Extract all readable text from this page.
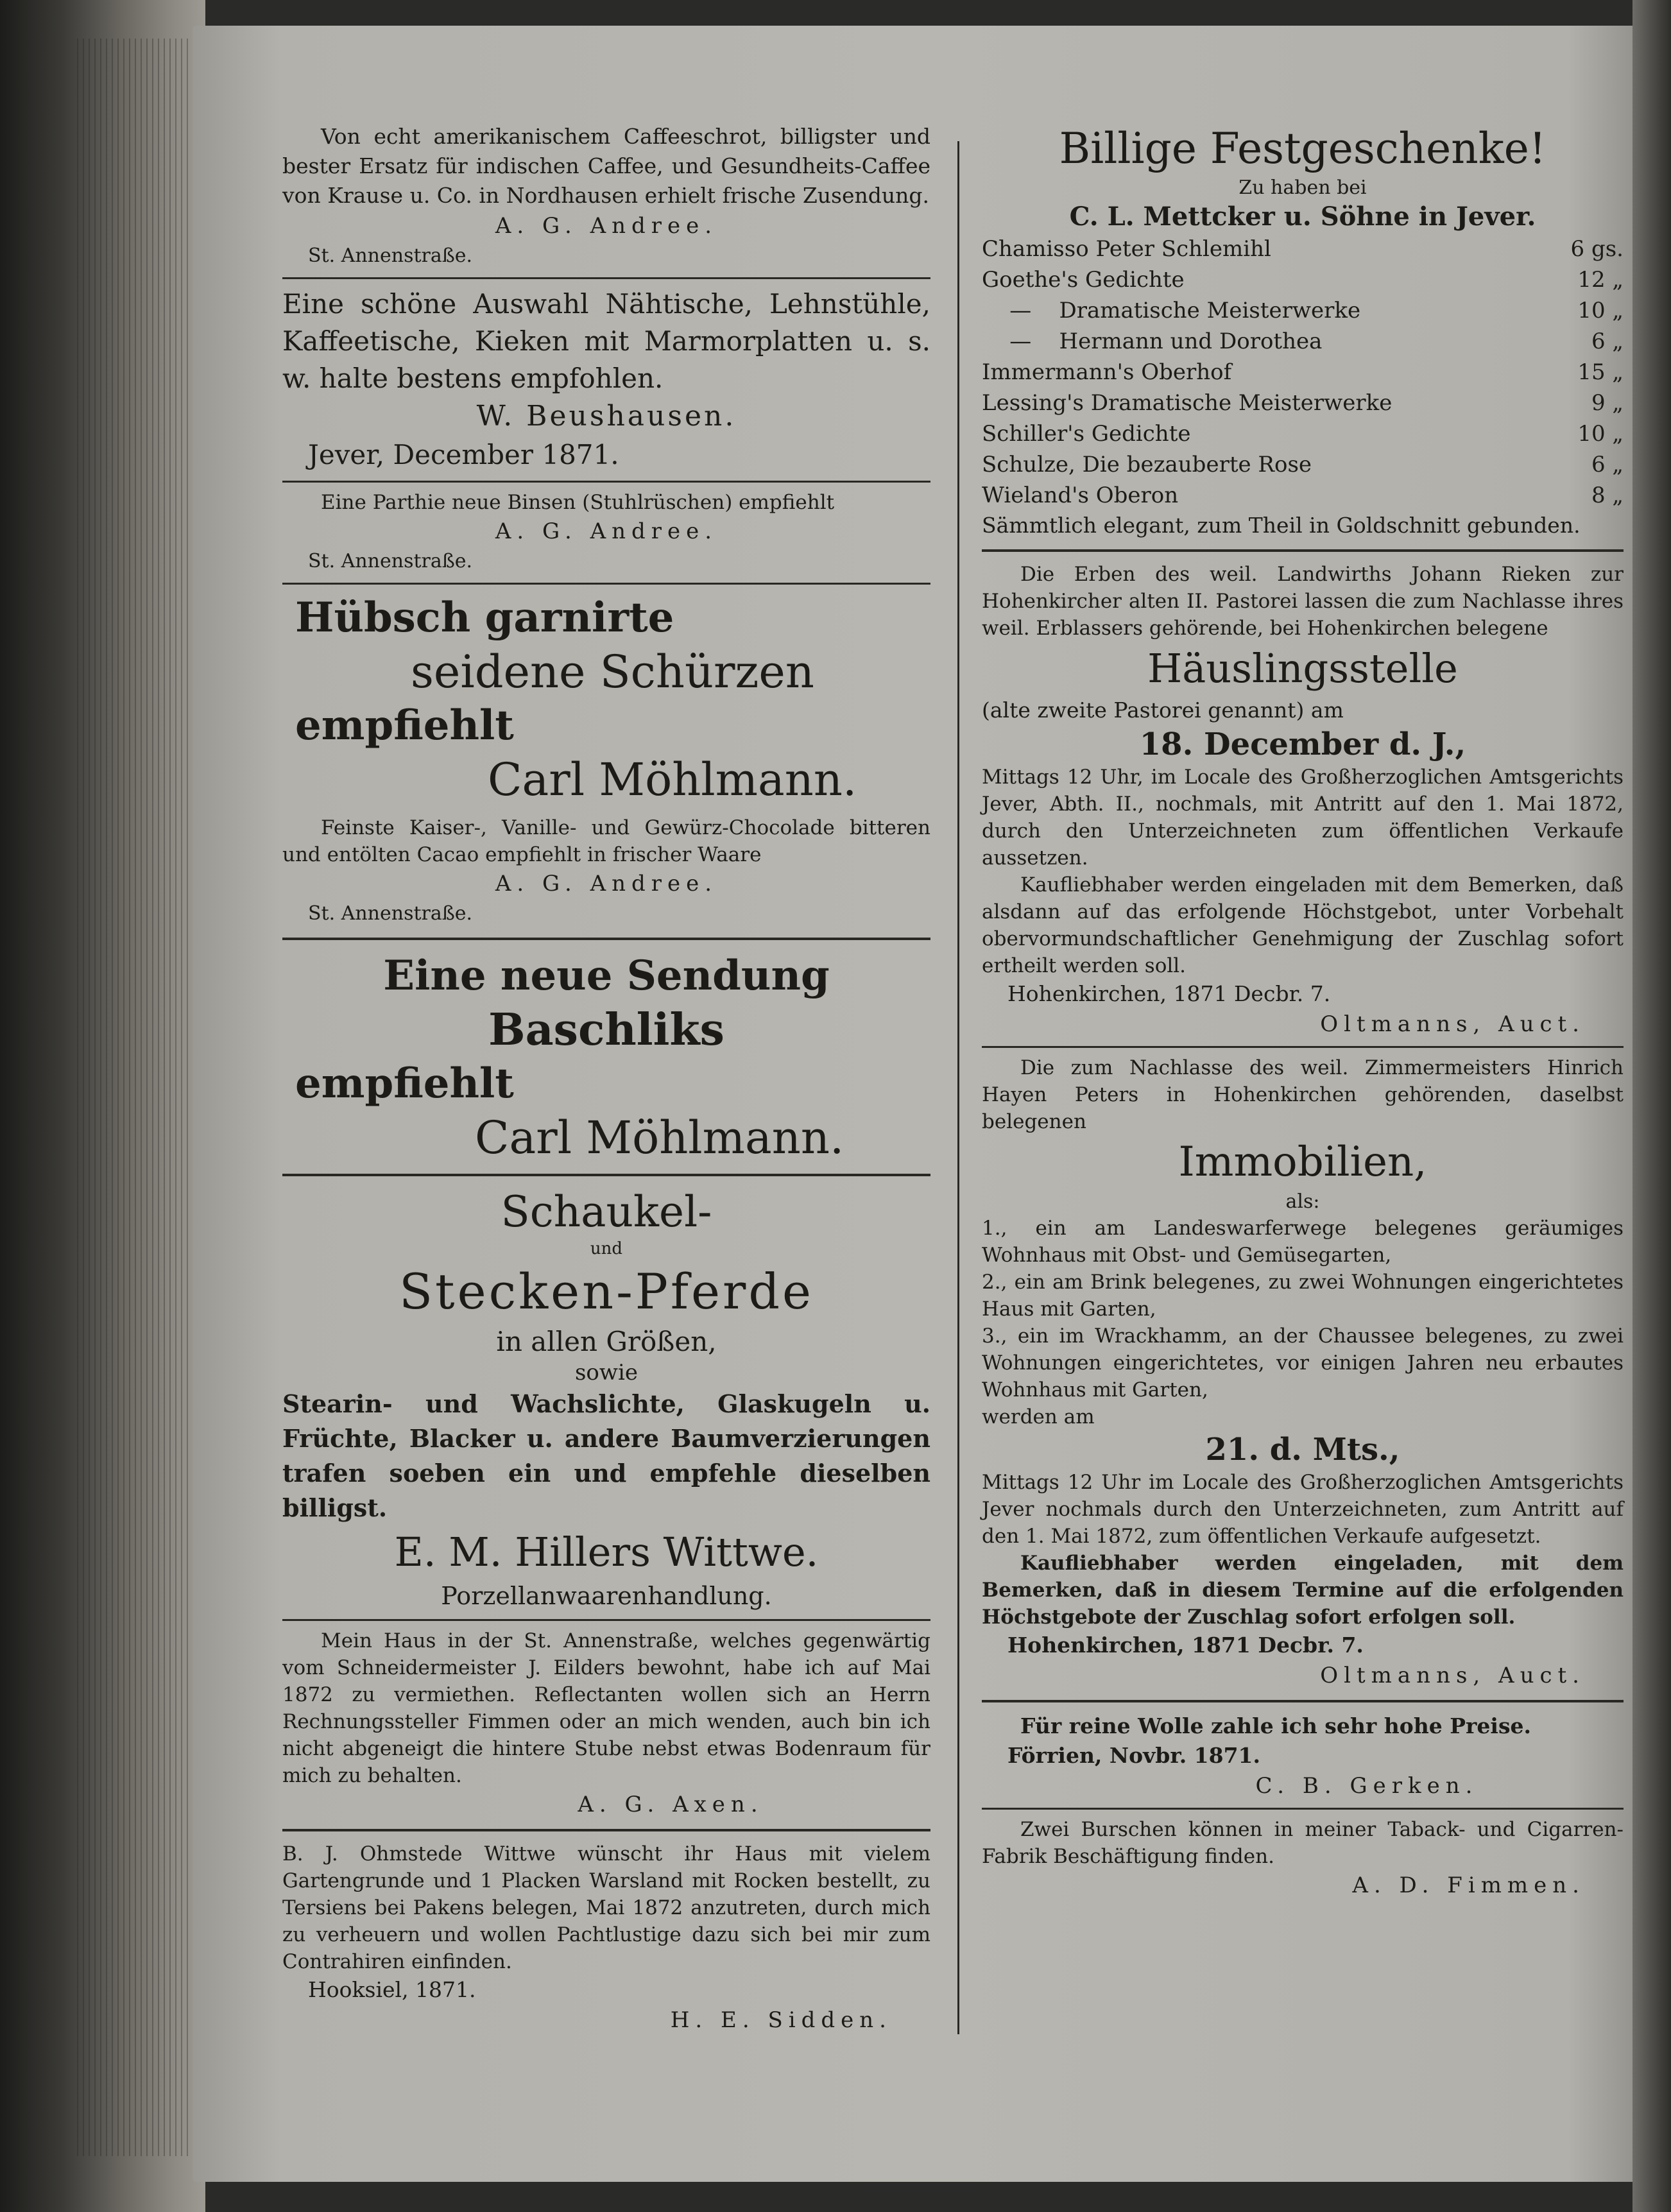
Von echt amerikanischem Caffeeschrot, billigster und bester Ersatz für indischen Caffee, und Gesundheits-Caffee von Krause u. Co. in Nordhausen erhielt frische Zusendung.

A. G. Andree.

St. Annenstraße.

Eine schöne Auswahl Nähtische, Lehnstühle, Kaffeetische, Kieken mit Marmorplatten u. s. w. halte bestens empfohlen.

W. Beushausen.

Jever, December 1871.

Eine Parthie neue Binsen (Stuhlrüschen) empfiehlt

A. G. Andree.

St. Annenstraße.

Hübsch garnirte

seidene Schürzen

empfiehlt

Carl Möhlmann.

Feinste Kaiser-, Vanille- und Gewürz-Chocolade bitteren und entölten Cacao empfiehlt in frischer Waare

A. G. Andree.

St. Annenstraße.

Eine neue Sendung

Baschliks

empfiehlt

Carl Möhlmann.

Schaukel-

und

Stecken-Pferde

in allen Größen,

sowie

Stearin- und Wachslichte, Glaskugeln u. Früchte, Blacker u. andere Baumverzierungen trafen soeben ein und empfehle dieselben billigst.

E. M. Hillers Wittwe.

Porzellanwaarenhandlung.

Mein Haus in der St. Annenstraße, welches gegenwärtig vom Schneidermeister J. Eilders bewohnt, habe ich auf Mai 1872 zu vermiethen. Reflectanten wollen sich an Herrn Rechnungssteller Fimmen oder an mich wenden, auch bin ich nicht abgeneigt die hintere Stube nebst etwas Bodenraum für mich zu behalten.

A. G. Axen.

B. J. Ohmstede Wittwe wünscht ihr Haus mit vielem Gartengrunde und 1 Placken Warsland mit Rocken bestellt, zu Tersiens bei Pakens belegen, Mai 1872 anzutreten, durch mich zu verheuern und wollen Pachtlustige dazu sich bei mir zum Contrahiren einfinden.

Hooksiel, 1871.

H. E. Sidden.

Billige Festgeschenke!

Zu haben bei

C. L. Mettcker u. Söhne in Jever.

Chamisso Peter Schlemihl	6 gs.
Goethe's Gedichte	12 „
—    Dramatische Meisterwerke	10 „
—    Hermann und Dorothea	6 „
Immermann's Oberhof	15 „
Lessing's Dramatische Meisterwerke	9 „
Schiller's Gedichte	10 „
Schulze, Die bezauberte Rose	6 „
Wieland's Oberon	8 „

Sämmtlich elegant, zum Theil in Goldschnitt gebunden.

Die Erben des weil. Landwirths Johann Rieken zur Hohenkircher alten II. Pastorei lassen die zum Nachlasse ihres weil. Erblassers gehörende, bei Hohenkirchen belegene

Häuslingsstelle

(alte zweite Pastorei genannt) am

18. December d. J.,

Mittags 12 Uhr, im Locale des Großherzoglichen Amtsgerichts Jever, Abth. II., nochmals, mit Antritt auf den 1. Mai 1872, durch den Unterzeichneten zum öffentlichen Verkaufe aussetzen.

Kaufliebhaber werden eingeladen mit dem Bemerken, daß alsdann auf das erfolgende Höchstgebot, unter Vorbehalt obervormundschaftlicher Genehmigung der Zuschlag sofort ertheilt werden soll.

Hohenkirchen, 1871 Decbr. 7.

Oltmanns, Auct.

Die zum Nachlasse des weil. Zimmermeisters Hinrich Hayen Peters in Hohenkirchen gehörenden, daselbst belegenen

Immobilien,

als:

1., ein am Landeswarferwege belegenes geräumiges Wohnhaus mit Obst- und Gemüsegarten,

2., ein am Brink belegenes, zu zwei Wohnungen eingerichtetes Haus mit Garten,

3., ein im Wrackhamm, an der Chaussee belegenes, zu zwei Wohnungen eingerichtetes, vor einigen Jahren neu erbautes Wohnhaus mit Garten,

werden am

21. d. Mts.,

Mittags 12 Uhr im Locale des Großherzoglichen Amtsgerichts Jever nochmals durch den Unterzeichneten, zum Antritt auf den 1. Mai 1872, zum öffentlichen Verkaufe aufgesetzt.

Kaufliebhaber werden eingeladen, mit dem Bemerken, daß in diesem Termine auf die erfolgenden Höchstgebote der Zuschlag sofort erfolgen soll.

Hohenkirchen, 1871 Decbr. 7.

Oltmanns, Auct.

Für reine Wolle zahle ich sehr hohe Preise.

Förrien, Novbr. 1871.

C. B. Gerken.

Zwei Burschen können in meiner Taback- und Cigarren-Fabrik Beschäftigung finden.

A. D. Fimmen.
